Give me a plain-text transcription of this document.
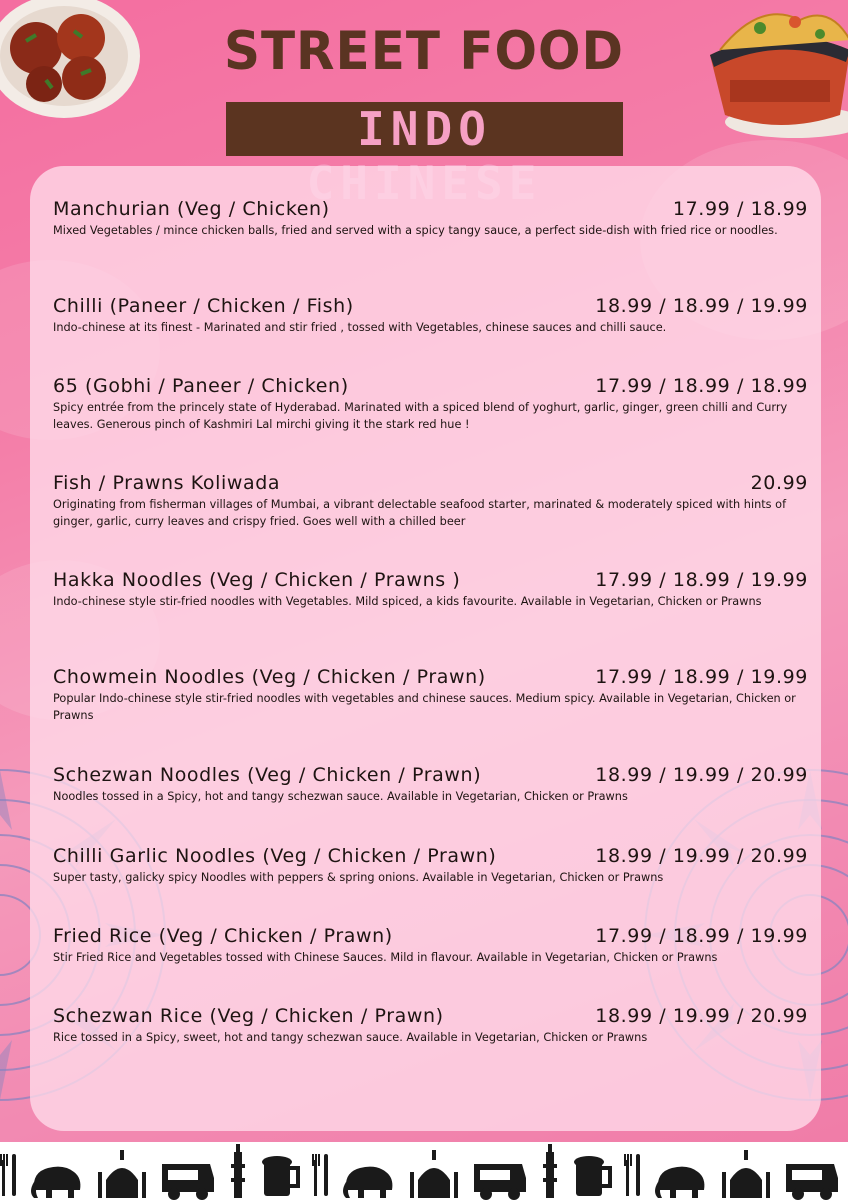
STREET FOOD
INDO
Manchurian (Veg / Chicken)	17.99 / 18.99
Mixed Vegetables / mince chicken balls, fried and served with a spicy tangy sauce, a perfect side-dish with fried rice or noodles.
Chilli (Paneer / Chicken / Fish)	18.99 / 18.99 / 19.99
Indo-chinese at its finest - Marinated and stir fried , tossed with Vegetables, chinese sauces and chilli sauce.
65 (Gobhi / Paneer / Chicken)	17.99 / 18.99 / 18.99
Spicy entrée from the princely state of Hyderabad. Marinated with a spiced blend of yoghurt, garlic, ginger, green chilli and Curry leaves. Generous pinch of Kashmiri Lal mirchi giving it the stark red hue !
Fish / Prawns Koliwada	20.99
Originating from fisherman villages of Mumbai, a vibrant delectable seafood starter, marinated & moderately spiced with hints of ginger, garlic, curry leaves and crispy fried. Goes well with a chilled beer
Hakka Noodles (Veg / Chicken / Prawns )	17.99 / 18.99 / 19.99
Indo-chinese style stir-fried noodles with Vegetables. Mild spiced, a kids favourite. Available in Vegetarian, Chicken or Prawns
Chowmein Noodles (Veg / Chicken / Prawn)	17.99 / 18.99 / 19.99
Popular Indo-chinese style stir-fried noodles with vegetables and chinese sauces. Medium spicy. Available in Vegetarian, Chicken or Prawns
Schezwan Noodles (Veg / Chicken / Prawn)	18.99 / 19.99 / 20.99
Noodles tossed in a Spicy, hot and tangy schezwan sauce. Available in Vegetarian, Chicken or Prawns
Chilli Garlic Noodles (Veg / Chicken / Prawn)	18.99 / 19.99 / 20.99
Super tasty, galicky spicy Noodles with peppers & spring onions. Available in Vegetarian, Chicken or Prawns
Fried Rice (Veg / Chicken / Prawn)	17.99 / 18.99 / 19.99
Stir Fried Rice and Vegetables tossed with Chinese Sauces. Mild in flavour. Available in Vegetarian, Chicken or Prawns
Schezwan Rice (Veg / Chicken / Prawn)	18.99 / 19.99 / 20.99
Rice tossed in a Spicy, sweet, hot and tangy schezwan sauce. Available in Vegetarian, Chicken or Prawns
